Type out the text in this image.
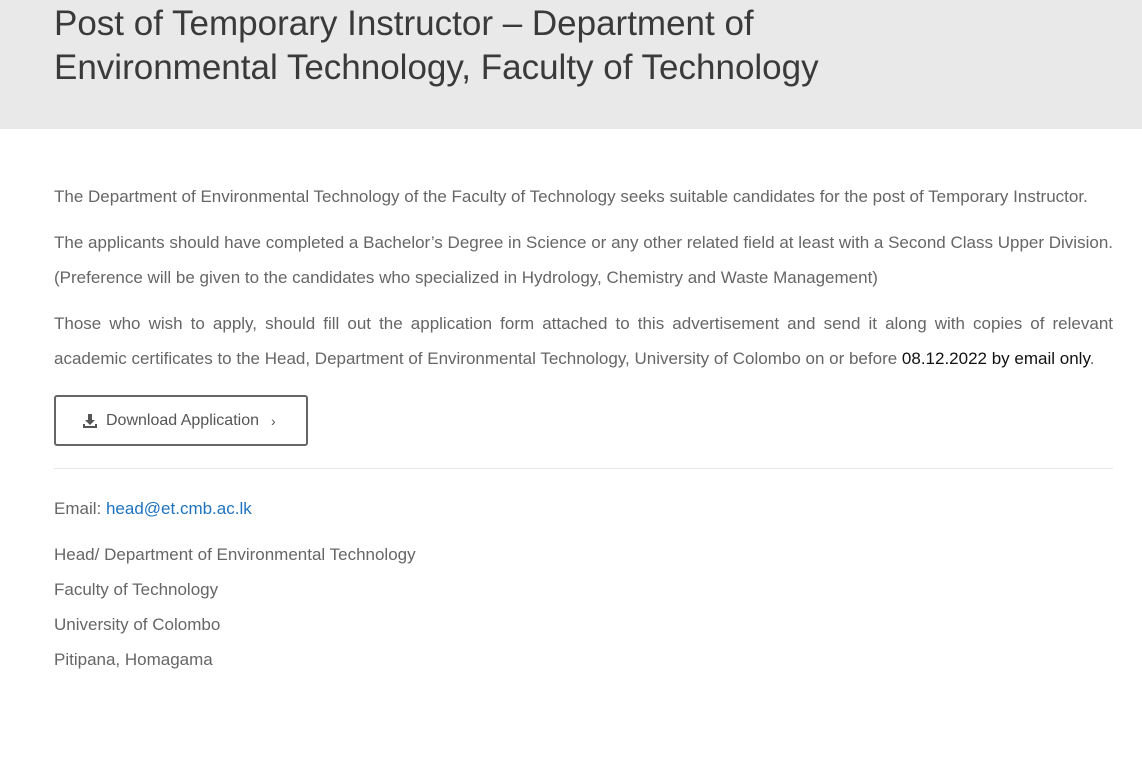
Post of Temporary Instructor – Department of
Environmental Technology, Faculty of Technology

The Department of Environmental Technology of the Faculty of Technology seeks suitable candidates for the post of Temporary Instructor.

The applicants should have completed a Bachelor’s Degree in Science or any other related field at least with a Second Class Upper Division. (Preference will be given to the candidates who specialized in Hydrology, Chemistry and Waste Management)

Those who wish to apply, should fill out the application form attached to this advertisement and send it along with copies of relevant academic certificates to the Head, Department of Environmental Technology, University of Colombo on or before 08.12.2022 by email only.

Download Application ›
Email: head@et.cmb.ac.lk
Head/ Department of Environmental Technology
Faculty of Technology
University of Colombo
Pitipana, Homagama
